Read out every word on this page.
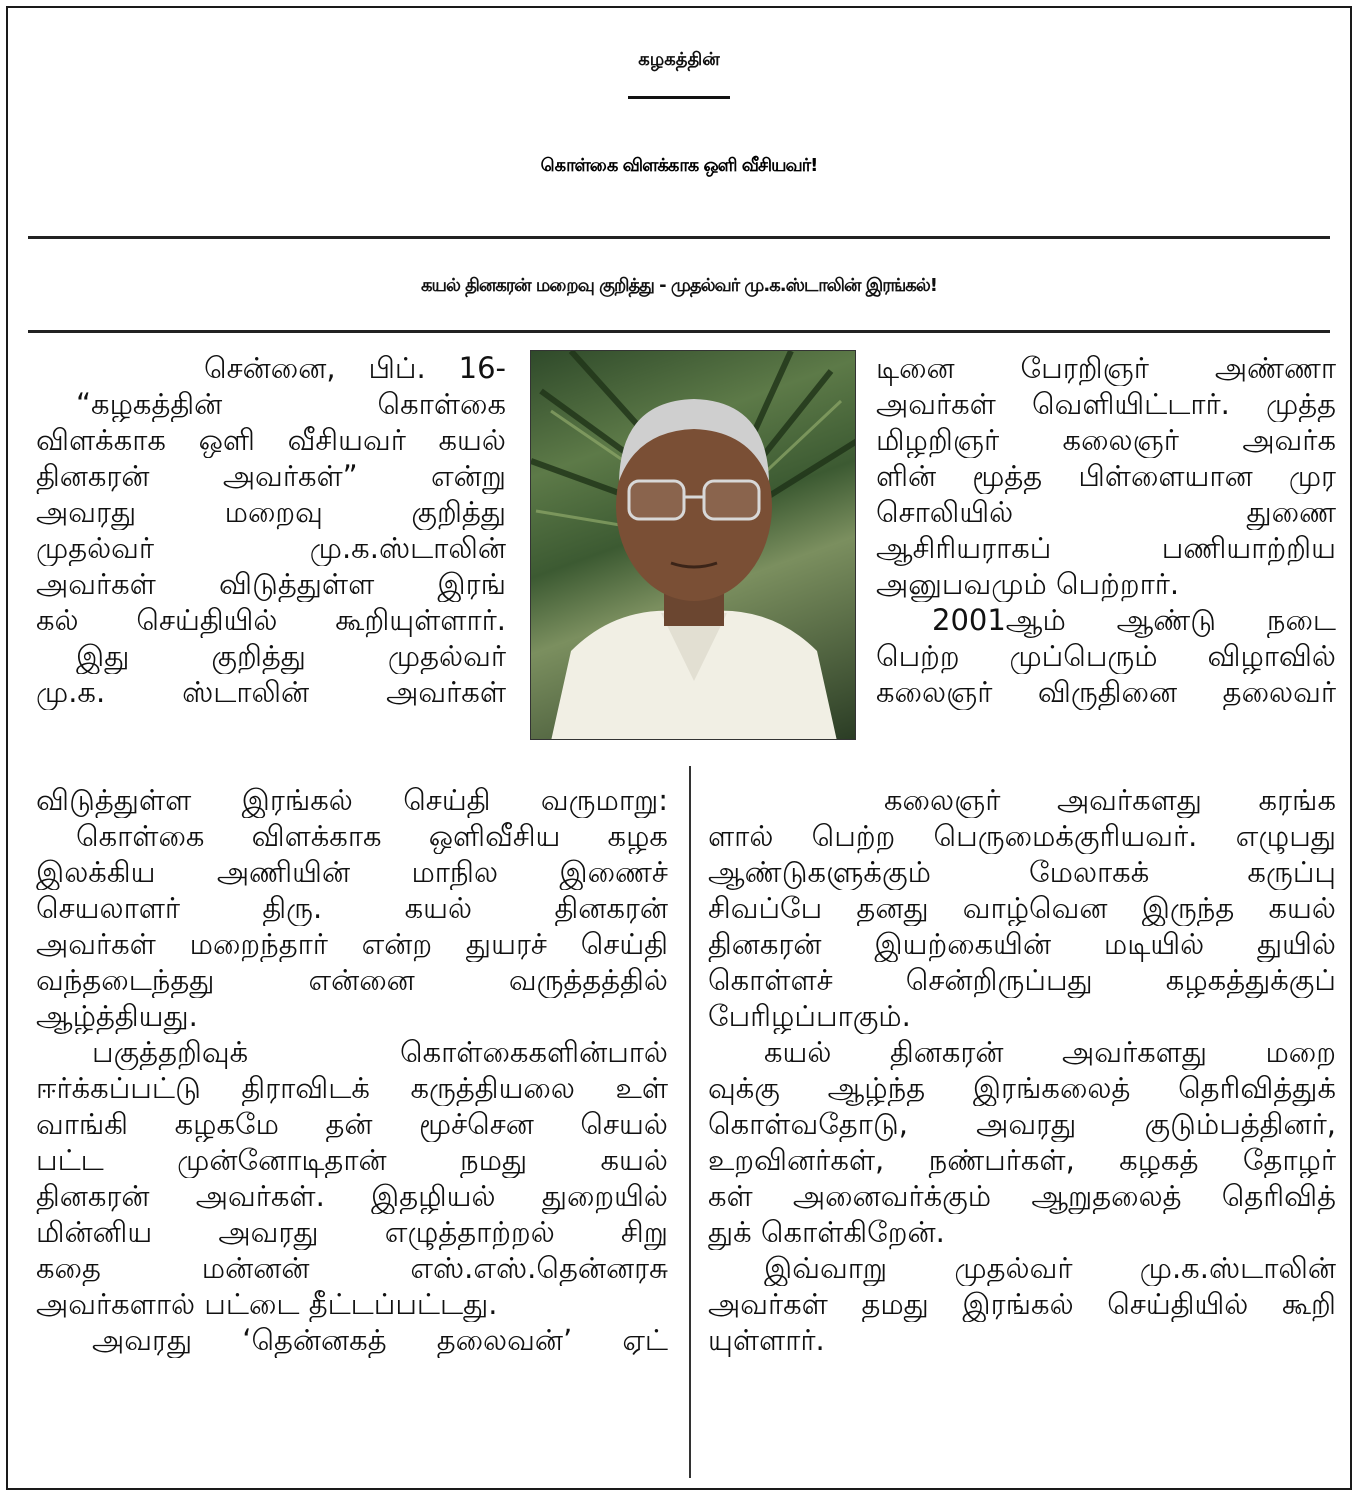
கழகத்தின்
கொள்கை விளக்காக ஒளி வீசியவர்!
கயல் தினகரன் மறைவு குறித்து - முதல்வர் மு.க.ஸ்டாலின் இரங்கல்!
சென்னை, பிப். 16-
“கழகத்தின் கொள்கை
விளக்காக ஒளி வீசியவர் கயல்
தினகரன் அவர்கள்” என்று
அவரது மறைவு குறித்து
முதல்வர் மு.க.ஸ்டாலின்
அவர்கள் விடுத்துள்ள இரங்
கல் செய்தியில் கூறியுள்ளார்.
இது குறித்து முதல்வர்
மு.க. ஸ்டாலின் அவர்கள்
விடுத்துள்ள இரங்கல் செய்தி வருமாறு:
கொள்கை விளக்காக ஒளிவீசிய கழக
இலக்கிய அணியின் மாநில இணைச்
செயலாளர் திரு. கயல் தினகரன்
அவர்கள் மறைந்தார் என்ற துயரச் செய்தி
வந்தடைந்தது என்னை வருத்தத்தில்
ஆழ்த்தியது.
பகுத்தறிவுக் கொள்கைகளின்பால்
ஈர்க்கப்பட்டு திராவிடக் கருத்தியலை உள்
வாங்கி கழகமே தன் மூச்சென செயல்
பட்ட முன்னோடிதான் நமது கயல்
தினகரன் அவர்கள். இதழியல் துறையில்
மின்னிய அவரது எழுத்தாற்றல் சிறு
கதை மன்னன் எஸ்.எஸ்.தென்னரசு
அவர்களால் பட்டை தீட்டப்பட்டது.
அவரது ‘தென்னகத் தலைவன்’ ஏட்
டினை பேரறிஞர் அண்ணா
அவர்கள் வெளியிட்டார். முத்த
மிழறிஞர் கலைஞர் அவர்க
ளின் மூத்த பிள்ளையான முர
சொலியில் துணை
ஆசிரியராகப் பணியாற்றிய
அனுபவமும் பெற்றார்.
2001ஆம் ஆண்டு நடை
பெற்ற முப்பெரும் விழாவில்
கலைஞர் விருதினை தலைவர்
கலைஞர் அவர்களது கரங்க
ளால் பெற்ற பெருமைக்குரியவர். எழுபது
ஆண்டுகளுக்கும் மேலாகக் கருப்பு
சிவப்பே தனது வாழ்வென இருந்த கயல்
தினகரன் இயற்கையின் மடியில் துயில்
கொள்ளச் சென்றிருப்பது கழகத்துக்குப்
பேரிழப்பாகும்.
கயல் தினகரன் அவர்களது மறை
வுக்கு ஆழ்ந்த இரங்கலைத் தெரிவித்துக்
கொள்வதோடு, அவரது குடும்பத்தினர்,
உறவினர்கள், நண்பர்கள், கழகத் தோழர்
கள் அனைவர்க்கும் ஆறுதலைத் தெரிவித்
துக் கொள்கிறேன்.
இவ்வாறு முதல்வர் மு.க.ஸ்டாலின்
அவர்கள் தமது இரங்கல் செய்தியில் கூறி
யுள்ளார்.
